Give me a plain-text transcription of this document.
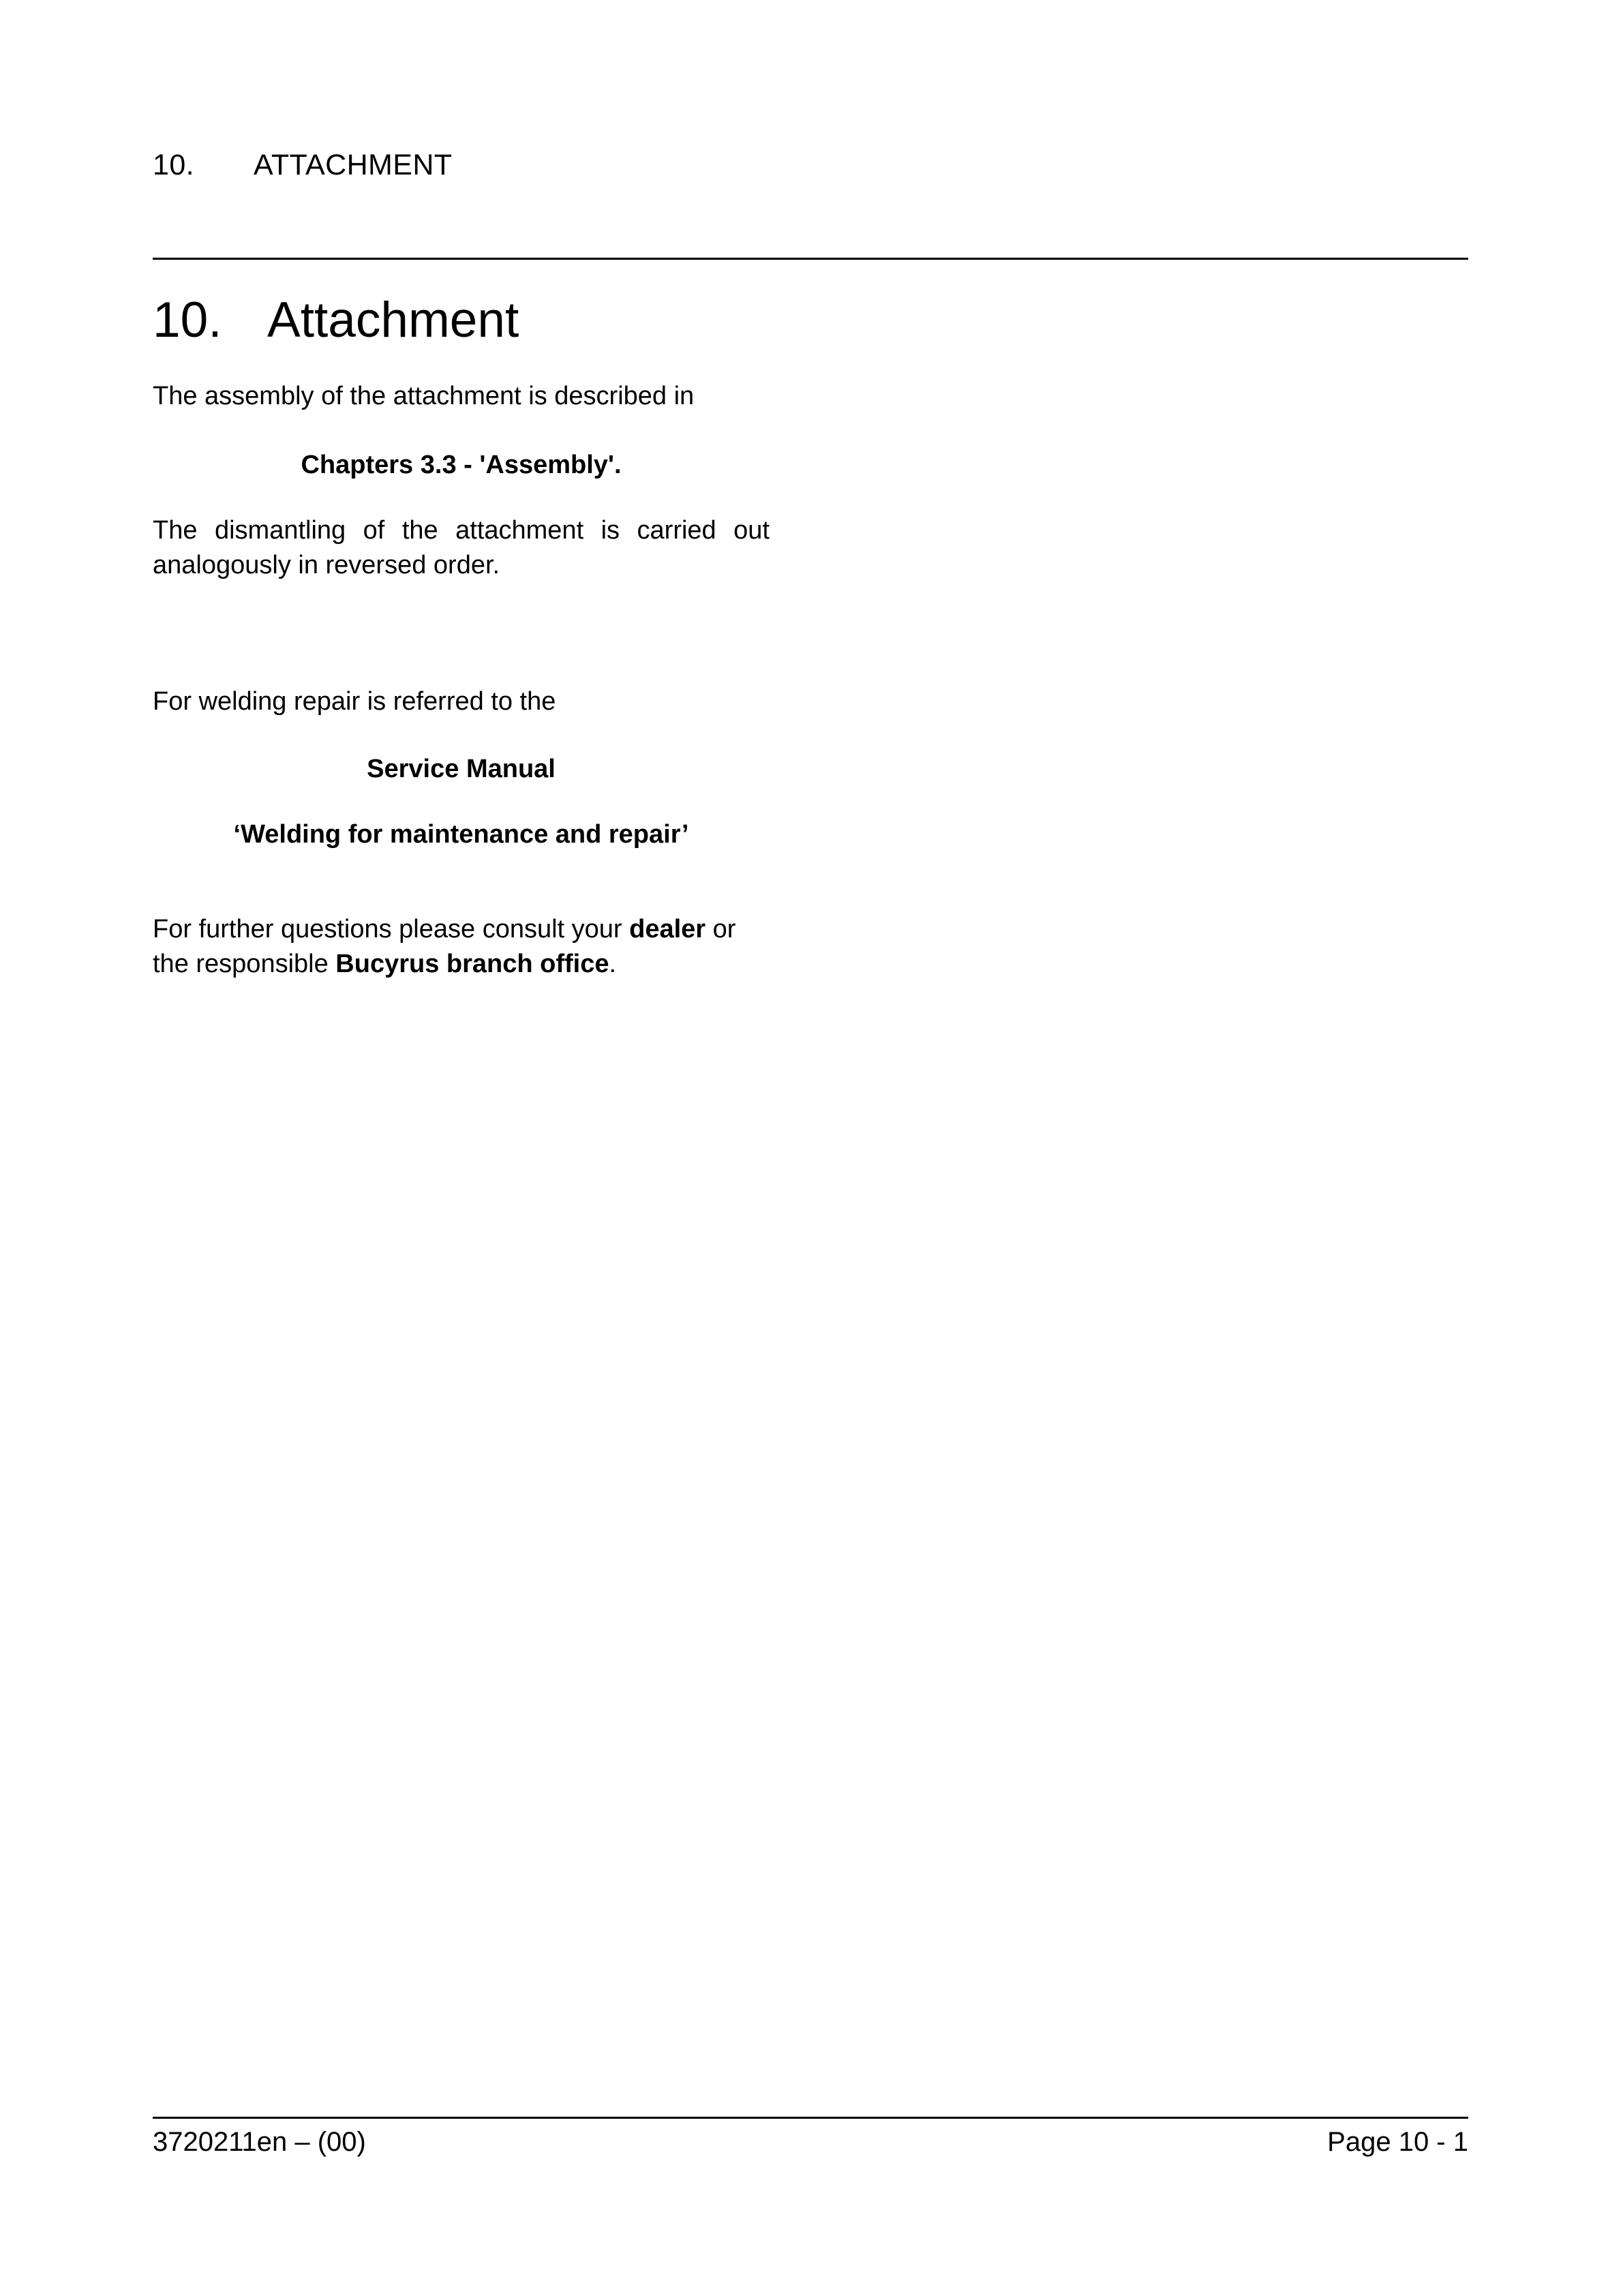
10.	ATTACHMENT
10. Attachment

The assembly of the attachment is described in

Chapters 3.3 - 'Assembly'.

The dismantling of the attachment is carried out analogously in reversed order.

For welding repair is referred to the

Service Manual

‘Welding for maintenance and repair’

For further questions please consult your dealer or the responsible Bucyrus branch office.

3720211en – (00)	Page 10 - 1
